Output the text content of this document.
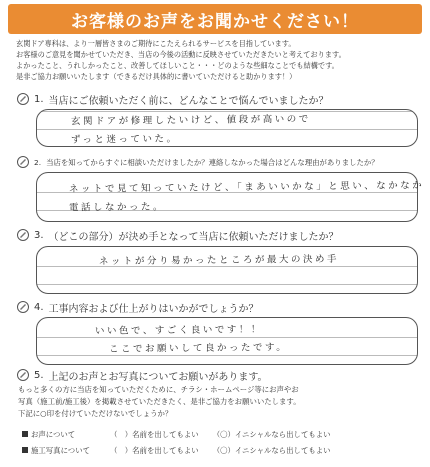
お客様のお声をお聞かせください！
玄関ドア専科は、より一層皆さまのご期待にこたえられるサービスを目指しています。
お客様のご意見を聞かせていただき、当店の今後の活動に反映させていただきたいと考えております。
よかったこと、うれしかったこと、改善してほしいこと・・・どのような些細なことでも結構です。
是非ご協力お願いいたします（できるだけ具体的に書いていただけると助かります！）
1. 当店にご依頼いただく前に、どんなことで悩んでいましたか？
玄関ドアが修理したいけど、値段が高いので
ずっと迷っていた。
2. 当店を知ってからすぐに相談いただけましたか？連絡しなかった場合はどんな理由がありましたか？
ネットで見て知っていたけど、「まあいいかな」と思い、なかなか
電話しなかった。
3. （どこの部分）が決め手となって当店に依頼いただけましたか？
ネットが分り易かったところが最大の決め手
4. 工事内容および仕上がりはいかがでしょうか？
いい色で、すごく良いです！！
ここでお願いして良かったです。
5. 上記のお声とお写真についてお願いがあります。
もっと多くの方に当店を知っていただくために、チラシ・ホームページ等にお声やお
写真（施工前/施工後）を掲載させていただきたく、是非ご協力をお願いいたします。
下記に○印を付けていただけないでしょうか？
お声について	（　）名前を出してもよい （〇）イニシャルなら出してもよい
施工写真について	（　）名前を出してもよい （〇）イニシャルなら出してもよい
